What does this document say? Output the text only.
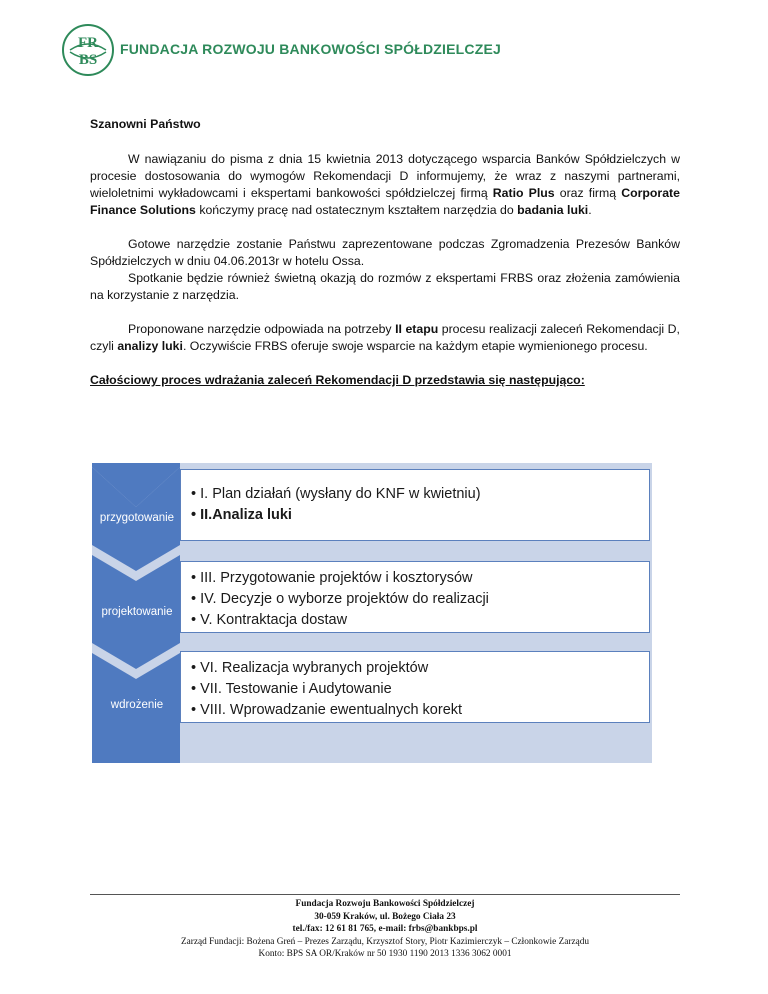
FR
BS
FUNDACJA ROZWOJU BANKOWOŚCI SPÓŁDZIELCZEJ

Szanowni Państwo

W nawiązaniu do pisma z dnia 15 kwietnia 2013 dotyczącego wsparcia Banków Spółdzielczych w procesie dostosowania do wymogów Rekomendacji D informujemy, że wraz z naszymi partnerami, wieloletnimi wykładowcami i ekspertami bankowości spółdzielczej firmą Ratio Plus oraz firmą Corporate Finance Solutions kończymy pracę nad ostatecznym kształtem narzędzia do badania luki.

Gotowe narzędzie zostanie Państwu zaprezentowane podczas Zgromadzenia Prezesów Banków Spółdzielczych w dniu 04.06.2013r w hotelu Ossa.

Spotkanie będzie również świetną okazją do rozmów z ekspertami FRBS oraz złożenia zamówienia na korzystanie z narzędzia.

Proponowane narzędzie odpowiada na potrzeby II etapu procesu realizacji zaleceń Rekomendacji D, czyli analizy luki. Oczywiście FRBS oferuje swoje wsparcie na każdym etapie wymienionego procesu.

Całościowy proces wdrażania zaleceń Rekomendacji D przedstawia się następująco:

przygotowanie
projektowanie
wdrożenie
• I. Plan działań (wysłany do KNF w kwietniu)
• II.Analiza luki
• III. Przygotowanie projektów i kosztorysów
• IV. Decyzje o wyborze projektów do realizacji
• V. Kontraktacja dostaw
• VI. Realizacja wybranych projektów
• VII. Testowanie i Audytowanie
• VIII. Wprowadzanie ewentualnych korekt
Fundacja Rozwoju Bankowości Spółdzielczej
30-059 Kraków, ul. Bożego Ciała 23
tel./fax: 12 61 81 765, e-mail: frbs@bankbps.pl
Zarząd Fundacji: Bożena Greń – Prezes Zarządu, Krzysztof Story, Piotr Kazimierczyk – Członkowie Zarządu
Konto: BPS SA OR/Kraków nr 50 1930 1190 2013 1336 3062 0001
